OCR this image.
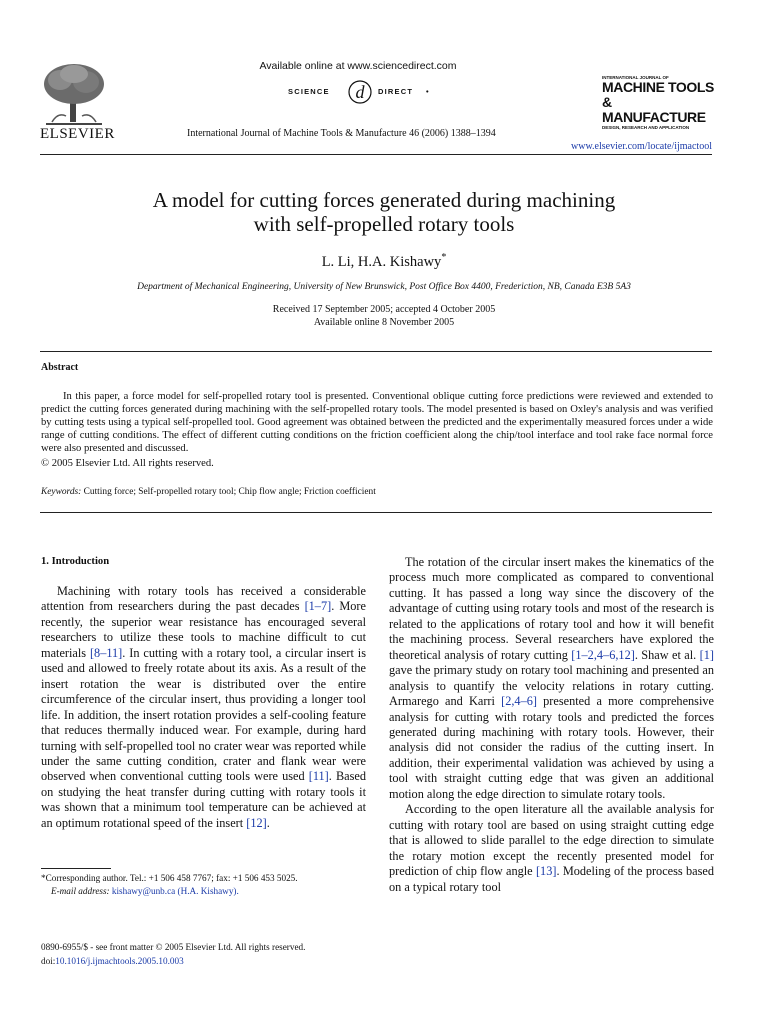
ELSEVIER
Available online at www.sciencedirect.com
SCIENCE d DIRECT •
International Journal of Machine Tools & Manufacture 46 (2006) 1388–1394
INTERNATIONAL JOURNAL OF
MACHINE TOOLS
& MANUFACTURE
DESIGN, RESEARCH AND APPLICATION
www.elsevier.com/locate/ijmactool
A model for cutting forces generated during machining
with self-propelled rotary tools
L. Li, H.A. Kishawy*
Department of Mechanical Engineering, University of New Brunswick, Post Office Box 4400, Frederiction, NB, Canada E3B 5A3
Received 17 September 2005; accepted 4 October 2005
Available online 8 November 2005
Abstract
In this paper, a force model for self-propelled rotary tool is presented. Conventional oblique cutting force predictions were reviewed and extended to predict the cutting forces generated during machining with the self-propelled rotary tools. The model presented is based on Oxley's analysis and was verified by cutting tests using a typical self-propelled tool. Good agreement was obtained between the predicted and the experimentally measured forces under a wide range of cutting conditions. The effect of different cutting conditions on the friction coefficient along the chip/tool interface and tool rake face normal force were also presented and discussed.
© 2005 Elsevier Ltd. All rights reserved.
Keywords: Cutting force; Self-propelled rotary tool; Chip flow angle; Friction coefficient
1. Introduction

Machining with rotary tools has received a considerable attention from researchers during the past decades [1–7]. More recently, the superior wear resistance has encouraged several researchers to utilize these tools to machine difficult to cut materials [8–11]. In cutting with a rotary tool, a circular insert is used and allowed to freely rotate about its axis. As a result of the insert rotation the wear is distributed over the entire circumference of the circular insert, thus providing a longer tool life. In addition, the insert rotation provides a self-cooling feature that reduces thermally induced wear. For example, during hard turning with self-propelled tool no crater wear was reported while under the same cutting condition, crater and flank wear were observed when conventional cutting tools were used [11]. Based on studying the heat transfer during cutting with rotary tools it was shown that a minimum tool temperature can be achieved at an optimum rotational speed of the insert [12].

The rotation of the circular insert makes the kinematics of the process much more complicated as compared to conventional cutting. It has passed a long way since the discovery of the advantage of cutting using rotary tools and most of the research is related to the applications of rotary tool and how it will benefit the machining process. Several researchers have explored the theoretical analysis of rotary cutting [1–2,4–6,12]. Shaw et al. [1] gave the primary study on rotary tool machining and presented an analysis to quantify the velocity relations in rotary cutting. Armarego and Karri [2,4–6] presented a more comprehensive analysis for cutting with rotary tools and predicted the forces generated during machining with rotary tools. However, their analysis did not consider the radius of the cutting insert. In addition, their experimental validation was achieved by using a tool with straight cutting edge that was given an additional motion along the edge direction to simulate rotary tools.

According to the open literature all the available analysis for cutting with rotary tool are based on using straight cutting edge that is allowed to slide parallel to the edge direction to simulate the rotary motion except the recently presented model for prediction of chip flow angle [13]. Modeling of the process based on a typical rotary tool

*Corresponding author. Tel.: +1 506 458 7767; fax: +1 506 453 5025.
E-mail address: kishawy@unb.ca (H.A. Kishawy).
0890-6955/$ - see front matter © 2005 Elsevier Ltd. All rights reserved.
doi:10.1016/j.ijmachtools.2005.10.003
